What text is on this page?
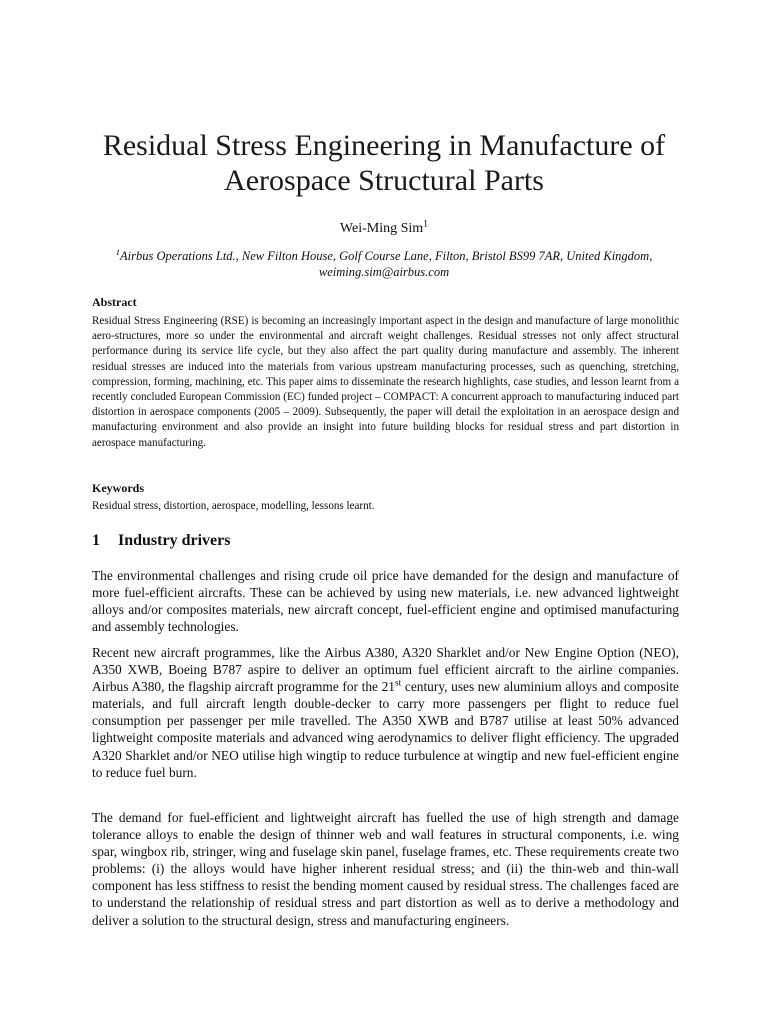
Residual Stress Engineering in Manufacture of
Aerospace Structural Parts
Wei-Ming Sim$^1$
$^1$Airbus Operations Ltd., New Filton House, Golf Course Lane, Filton, Bristol BS99 7AR, United Kingdom, weiming.sim@airbus.com
Abstract

Residual Stress Engineering (RSE) is becoming an increasingly important aspect in the design and manufacture of large monolithic aero-structures, more so under the environmental and aircraft weight challenges. Residual stresses not only affect structural performance during its service life cycle, but they also affect the part quality during manufacture and assembly. The inherent residual stresses are induced into the materials from various upstream manufacturing processes, such as quenching, stretching, compression, forming, machining, etc. This paper aims to disseminate the research highlights, case studies, and lesson learnt from a recently concluded European Commission (EC) funded project – COMPACT: A concurrent approach to manufacturing induced part distortion in aerospace components (2005 – 2009). Subsequently, the paper will detail the exploitation in an aerospace design and manufacturing environment and also provide an insight into future building blocks for residual stress and part distortion in aerospace manufacturing.

Keywords
Residual stress, distortion, aerospace, modelling, lessons learnt.
1 Industry drivers

The environmental challenges and rising crude oil price have demanded for the design and manufacture of more fuel-efficient aircrafts. These can be achieved by using new materials, i.e. new advanced lightweight alloys and/or composites materials, new aircraft concept, fuel-efficient engine and optimised manufacturing and assembly technologies.

Recent new aircraft programmes, like the Airbus A380, A320 Sharklet and/or New Engine Option (NEO), A350 XWB, Boeing B787 aspire to deliver an optimum fuel efficient aircraft to the airline companies. Airbus A380, the flagship aircraft programme for the 21st century, uses new aluminium alloys and composite materials, and full aircraft length double-decker to carry more passengers per flight to reduce fuel consumption per passenger per mile travelled. The A350 XWB and B787 utilise at least 50% advanced lightweight composite materials and advanced wing aerodynamics to deliver flight efficiency. The upgraded A320 Sharklet and/or NEO utilise high wingtip to reduce turbulence at wingtip and new fuel-efficient engine to reduce fuel burn.

The demand for fuel-efficient and lightweight aircraft has fuelled the use of high strength and damage tolerance alloys to enable the design of thinner web and wall features in structural components, i.e. wing spar, wingbox rib, stringer, wing and fuselage skin panel, fuselage frames, etc. These requirements create two problems: (i) the alloys would have higher inherent residual stress; and (ii) the thin-web and thin-wall component has less stiffness to resist the bending moment caused by residual stress. The challenges faced are to understand the relationship of residual stress and part distortion as well as to derive a methodology and deliver a solution to the structural design, stress and manufacturing engineers.
